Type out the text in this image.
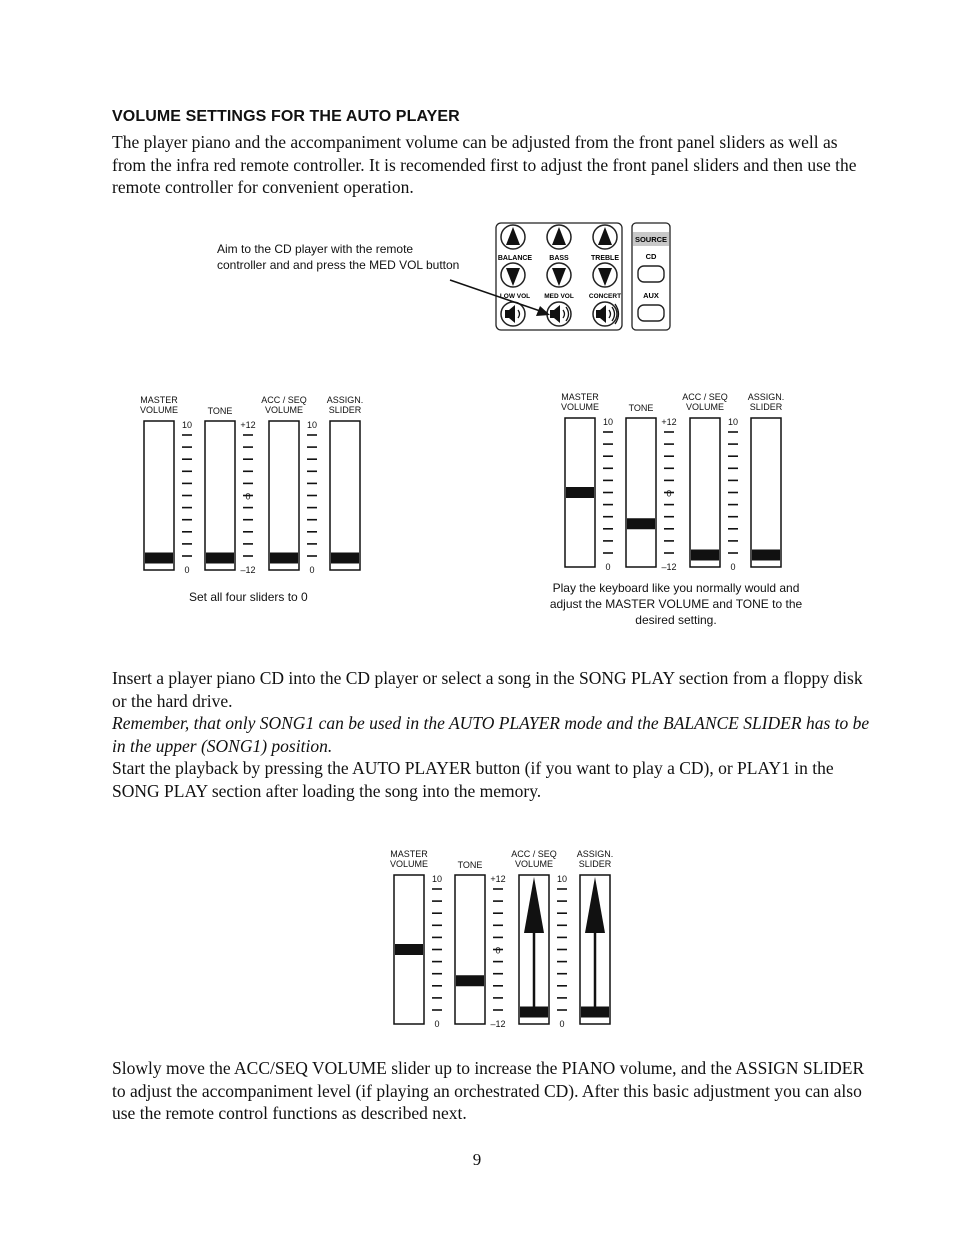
VOLUME SETTINGS FOR THE AUTO PLAYER

The player piano and the accompaniment volume can be adjusted from the front panel sliders as well as from the infra red remote controller. It is recomended first to adjust the front panel sliders and then use the remote controller for convenient operation.

Aim to the CD player with the remote
controller and and press the MED VOL button	BALANCE BASS	TREBLE
LOW VOL MED VOL CONCERT
SOURCE
CD
AUX
MASTER
VOLUME	TONE
ACC / SEQ
VOLUME
ASSIGN.
SLIDER
10
0
+12
0
–12
10
0
Set all four sliders to 0
MASTER
VOLUME	TONE
ACC / SEQ
VOLUME
ASSIGN.
SLIDER
10
0
+12
0
–12
10
0
Play the keyboard like you normally would and
adjust the MASTER VOLUME and TONE to the
desired setting.

Insert a player piano CD into the CD player or select a song in the SONG PLAY section from a floppy disk or the hard drive.

Remember, that only SONG1 can be used in the AUTO PLAYER mode and the BALANCE SLIDER has to be in the upper (SONG1) position.

Start the playback by pressing the AUTO PLAYER button (if you want to play a CD), or PLAY1 in the SONG PLAY section after loading the song into the memory.

MASTER
VOLUME	TONE
ACC / SEQ
VOLUME
ASSIGN.
SLIDER
10
0
+12
0
–12
10
0

Slowly move the ACC/SEQ VOLUME slider up to increase the PIANO volume, and the ASSIGN SLIDER to adjust the accompaniment level (if playing an orchestrated CD). After this basic adjustment you can also use the remote control functions as described next.

9
